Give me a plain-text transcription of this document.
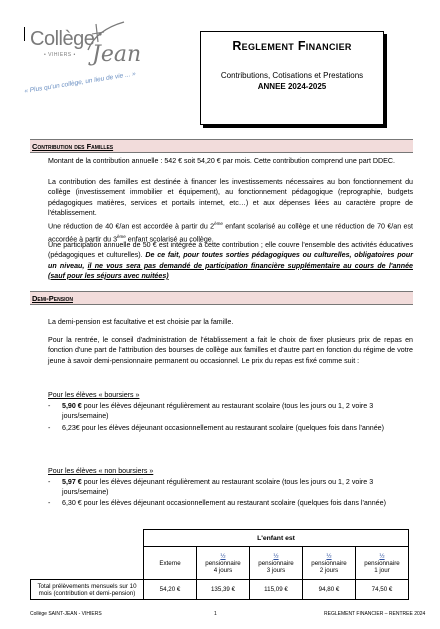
Collège
• VIHIERS • Jean
« Plus qu'un collège, un lieu de vie ... »
Reglement Financier
Contributions, Cotisations et Prestations
ANNEE 2024-2025
Contribution des Familles
Montant de la contribution annuelle : 542 € soit 54,20 € par mois. Cette contribution comprend une part DDEC.
La contribution des familles est destinée à financer les investissements nécessaires au bon fonctionnement du collège (investissement immobilier et équipement), au fonctionnement pédagogique (reprographie, budgets pédagogiques matières, services et portails internet, etc…) et aux dépenses liées au caractère propre de l'établissement.
Une réduction de 40 €/an est accordée à partir du 2ème enfant scolarisé au collège et une réduction de 70 €/an est accordée à partir du 3ème enfant scolarisé au collège.
Une participation annuelle de 50 € est intégrée à cette contribution ; elle couvre l'ensemble des activités éducatives (pédagogiques et culturelles). De ce fait, pour toutes sorties pédagogiques ou culturelles, obligatoires pour un niveau, il ne vous sera pas demandé de participation financière supplémentaire au cours de l'année (sauf pour les séjours avec nuitées)
Demi-Pension
La demi-pension est facultative et est choisie par la famille.
Pour la rentrée, le conseil d'administration de l'établissement a fait le choix de fixer plusieurs prix de repas en fonction d'une part de l'attribution des bourses de collège aux familles et d'autre part en fonction du régime de votre jeune à savoir demi-pensionnaire permanent ou occasionnel. Le prix du repas est fixé comme suit :
Pour les élèves « boursiers »
- 5,90 € pour les élèves déjeunant régulièrement au restaurant scolaire (tous les jours ou 1, 2 voire 3 jours/semaine)
- 6,23€ pour les élèves déjeunant occasionnellement au restaurant scolaire (quelques fois dans l'année)
Pour les élèves « non boursiers »
- 5,97 € pour les élèves déjeunant régulièrement au restaurant scolaire (tous les jours ou 1, 2 voire 3 jours/semaine)
- 6,30 € pour les élèves déjeunant occasionnellement au restaurant scolaire (quelques fois dans l'année)
	L'enfant est				
	Externe	½
pensionnaire
4 jours	½
pensionnaire
3 jours	½
pensionnaire
2 jours	½
pensionnaire
1 jour
Total prélèvements mensuels sur 10 mois (contribution et demi-pension)	54,20 €	135,39 €	115,09 €	94,80 €	74,50 €
Collège SAINT-JEAN - VIHIERS	1	REGLEMENT FINANCIER – RENTREE 2024
